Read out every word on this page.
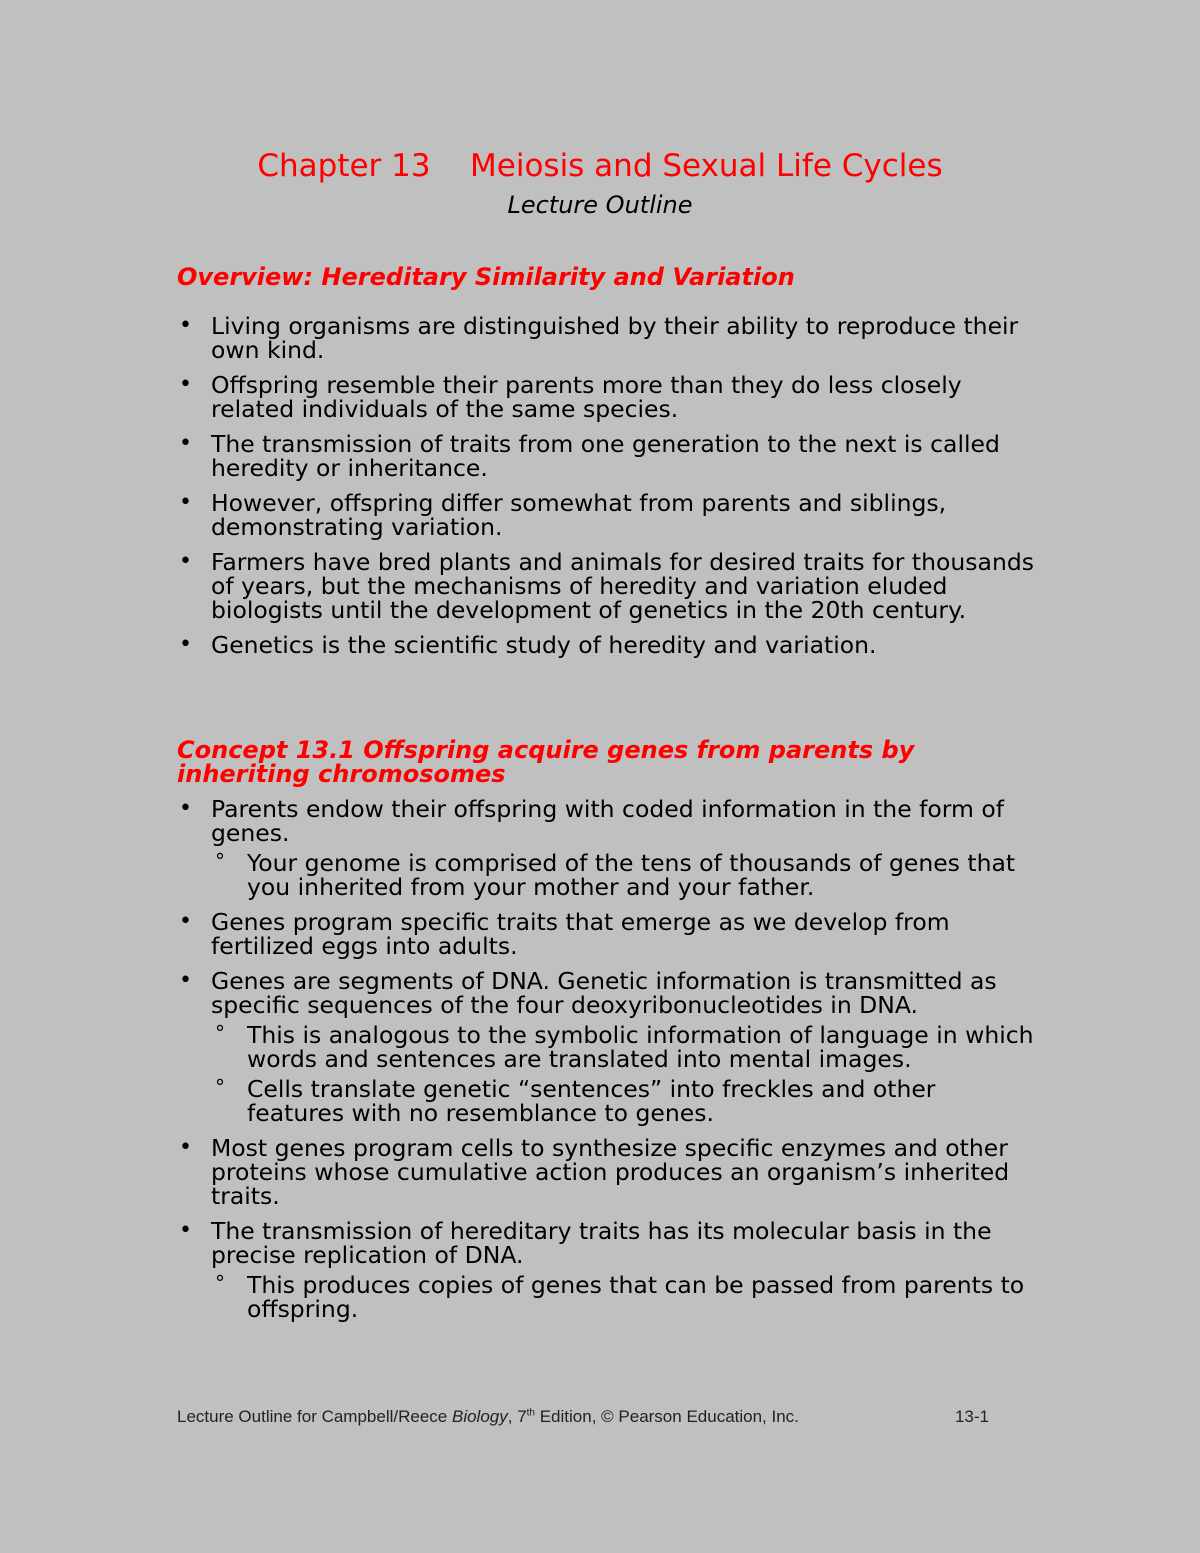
Chapter 13    Meiosis and Sexual Life Cycles
Lecture Outline
Overview: Hereditary Similarity and Variation
• Living organisms are distinguished by their ability to reproduce their own kind.
• Offspring resemble their parents more than they do less closely related individuals of the same species.
• The transmission of traits from one generation to the next is called heredity or inheritance.
• However, offspring differ somewhat from parents and siblings, demonstrating variation.
• Farmers have bred plants and animals for desired traits for thousands of years, but the mechanisms of heredity and variation eluded biologists until the development of genetics in the 20th century.
• Genetics is the scientific study of heredity and variation.
Concept 13.1 Offspring acquire genes from parents by inheriting chromosomes
• Parents endow their offspring with coded information in the form of genes.
° Your genome is comprised of the tens of thousands of genes that you inherited from your mother and your father.
• Genes program specific traits that emerge as we develop from fertilized eggs into adults.
• Genes are segments of DNA. Genetic information is transmitted as specific sequences of the four deoxyribonucleotides in DNA.
° This is analogous to the symbolic information of language in which words and sentences are translated into mental images.
° Cells translate genetic “sentences” into freckles and other features with no resemblance to genes.
• Most genes program cells to synthesize specific enzymes and other proteins whose cumulative action produces an organism’s inherited traits.
• The transmission of hereditary traits has its molecular basis in the precise replication of DNA.
° This produces copies of genes that can be passed from parents to offspring.
Lecture Outline for Campbell/Reece Biology, 7th Edition, © Pearson Education, Inc.	13-1
